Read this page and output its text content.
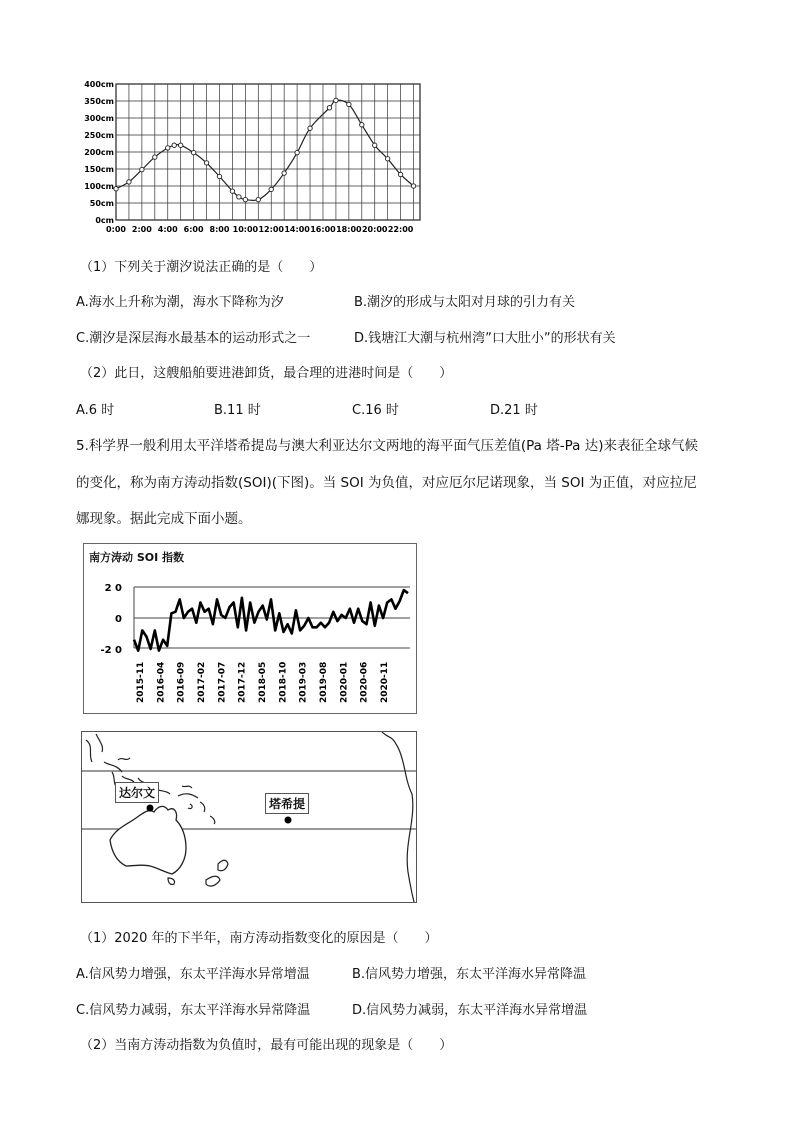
0cm
50cm
100cm
150cm
200cm
250cm
300cm
350cm
400cm
0:00 2:00 4:00 6:00 8:00 10:00 12:00 14:00 16:00 18:00 20:00 22:00
（1）下列关于潮汐说法正确的是（　　）
A.海水上升称为潮，海水下降称为汐	B.潮汐的形成与太阳对月球的引力有关
C.潮汐是深层海水最基本的运动形式之一	D.钱塘江大潮与杭州湾ˮ口大肚小ˮ的形状有关
（2）此日，这艘船舶要进港卸货，最合理的进港时间是（　　）
A.6 时	B.11 时	C.16 时	D.21 时
5.科学界一般利用太平洋塔希提岛与澳大利亚达尔文两地的海平面气压差值(Pa 塔-Pa 达)来表征全球气候
的变化，称为南方涛动指数(SOI)(下图)。当 SOI 为负值，对应厄尔尼诺现象，当 SOI 为正值，对应拉尼
娜现象。据此完成下面小题。
南方涛动 SOI 指数
2 0
0
-2 0
2015-11 2016-04 2016-09 2017-02 2017-07 2017-12 2018-05 2018-10 2019-03 2019-08 2020-01 2020-06 2020-11
达尔文
塔希提
（1）2020 年的下半年，南方涛动指数变化的原因是（　　）
A.信风势力增强，东太平洋海水异常增温	B.信风势力增强，东太平洋海水异常降温
C.信风势力减弱，东太平洋海水异常降温	D.信风势力减弱，东太平洋海水异常增温
（2）当南方涛动指数为负值时，最有可能出现的现象是（　　）
